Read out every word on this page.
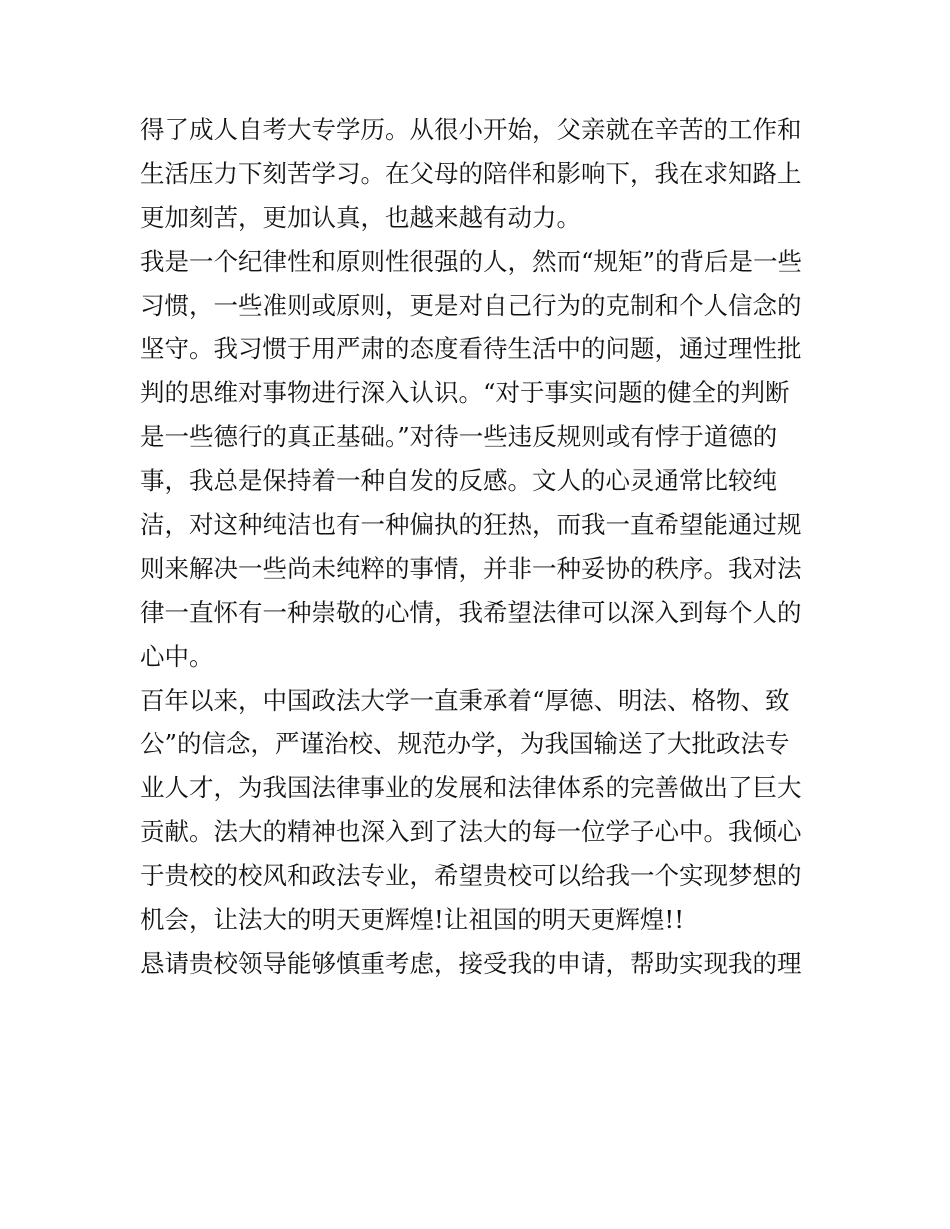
得了成人自考大专学历。从很小开始，父亲就在辛苦的工作和
生活压力下刻苦学习。在父母的陪伴和影响下，我在求知路上
更加刻苦，更加认真，也越来越有动力。
我是一个纪律性和原则性很强的人，然而“规矩”的背后是一些
习惯，一些准则或原则，更是对自己行为的克制和个人信念的
坚守。我习惯于用严肃的态度看待生活中的问题，通过理性批
判的思维对事物进行深入认识。“对于事实问题的健全的判断
是一些德行的真正基础。”对待一些违反规则或有悖于道德的
事，我总是保持着一种自发的反感。文人的心灵通常比较纯
洁，对这种纯洁也有一种偏执的狂热，而我一直希望能通过规
则来解决一些尚未纯粹的事情，并非一种妥协的秩序。我对法
律一直怀有一种崇敬的心情，我希望法律可以深入到每个人的
心中。
百年以来，中国政法大学一直秉承着“厚德、明法、格物、致
公”的信念，严谨治校、规范办学，为我国输送了大批政法专
业人才，为我国法律事业的发展和法律体系的完善做出了巨大
贡献。法大的精神也深入到了法大的每一位学子心中。我倾心
于贵校的校风和政法专业，希望贵校可以给我一个实现梦想的
机会，让法大的明天更辉煌!让祖国的明天更辉煌!!
恳请贵校领导能够慎重考虑，接受我的申请，帮助实现我的理
